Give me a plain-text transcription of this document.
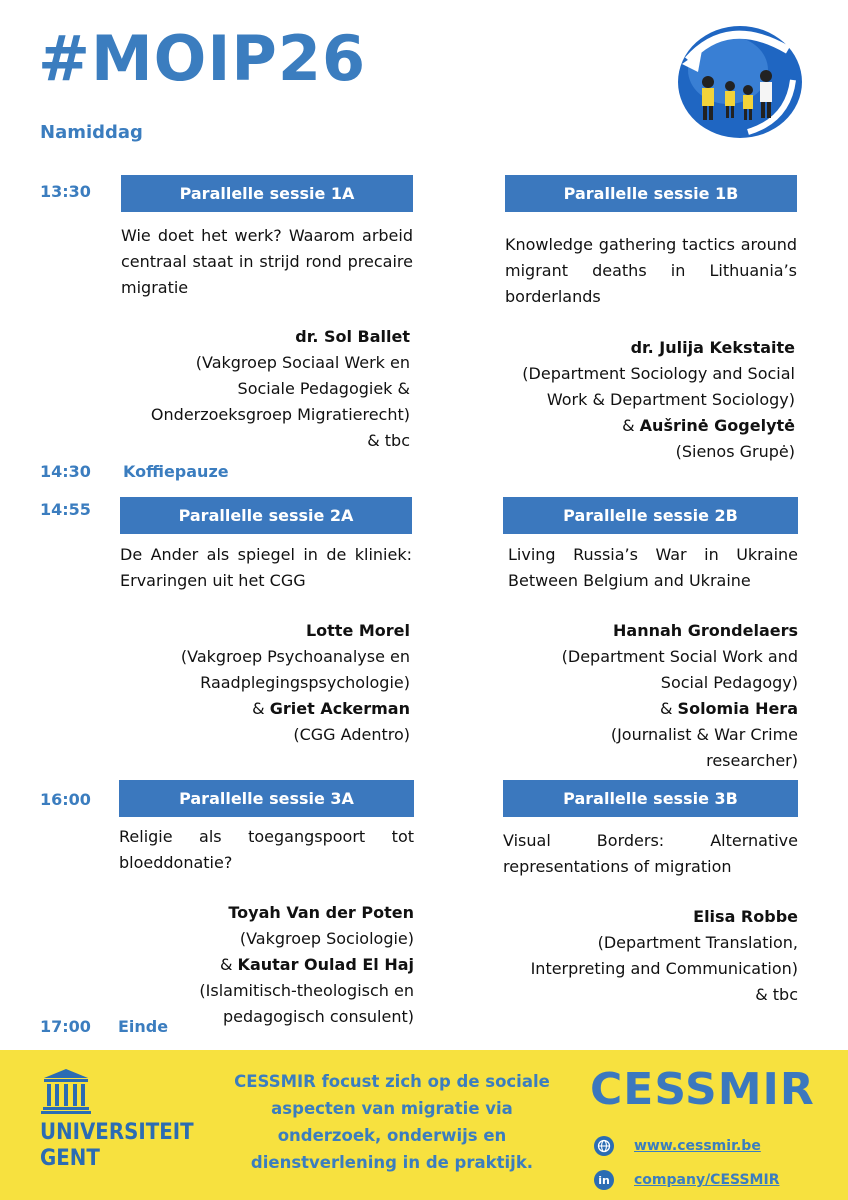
#MOIP26
Namiddag
13:30
14:30 Koffiepauze
14:55
16:00
17:00 Einde
Parallelle sessie 1A
Wie doet het werk? Waarom arbeid centraal staat in strijd rond precaire migratie
dr. Sol Ballet
(Vakgroep Sociaal Werk en
Sociale Pedagogiek &
Onderzoeksgroep Migratierecht)
& tbc
Parallelle sessie 1B
Knowledge gathering tactics around migrant deaths in Lithuania’s borderlands
dr. Julija Kekstaite
(Department Sociology and Social
Work & Department Sociology)
& Aušrinė Gogelytė
(Sienos Grupė)
Parallelle sessie 2A
De Ander als spiegel in de kliniek: Ervaringen uit het CGG
Lotte Morel
(Vakgroep Psychoanalyse en
Raadplegingspsychologie)
& Griet Ackerman
(CGG Adentro)
Parallelle sessie 2B
Living Russia’s War in Ukraine Between Belgium and Ukraine
Hannah Grondelaers
(Department Social Work and
Social Pedagogy)
& Solomia Hera
(Journalist & War Crime
researcher)
Parallelle sessie 3A
Religie als toegangspoort tot bloeddonatie?
Toyah Van der Poten
(Vakgroep Sociologie)
& Kautar Oulad El Haj
(Islamitisch-theologisch en
pedagogisch consulent)
Parallelle sessie 3B
Visual Borders: Alternative representations of migration
Elisa Robbe
(Department Translation,
Interpreting and Communication)
& tbc
UNIVERSITEIT
GENT
CESSMIR focust zich op de sociale aspecten van migratie via onderzoek, onderwijs en dienstverlening in de praktijk.
CESSMIR
www.cessmir.be
in	company/CESSMIR
